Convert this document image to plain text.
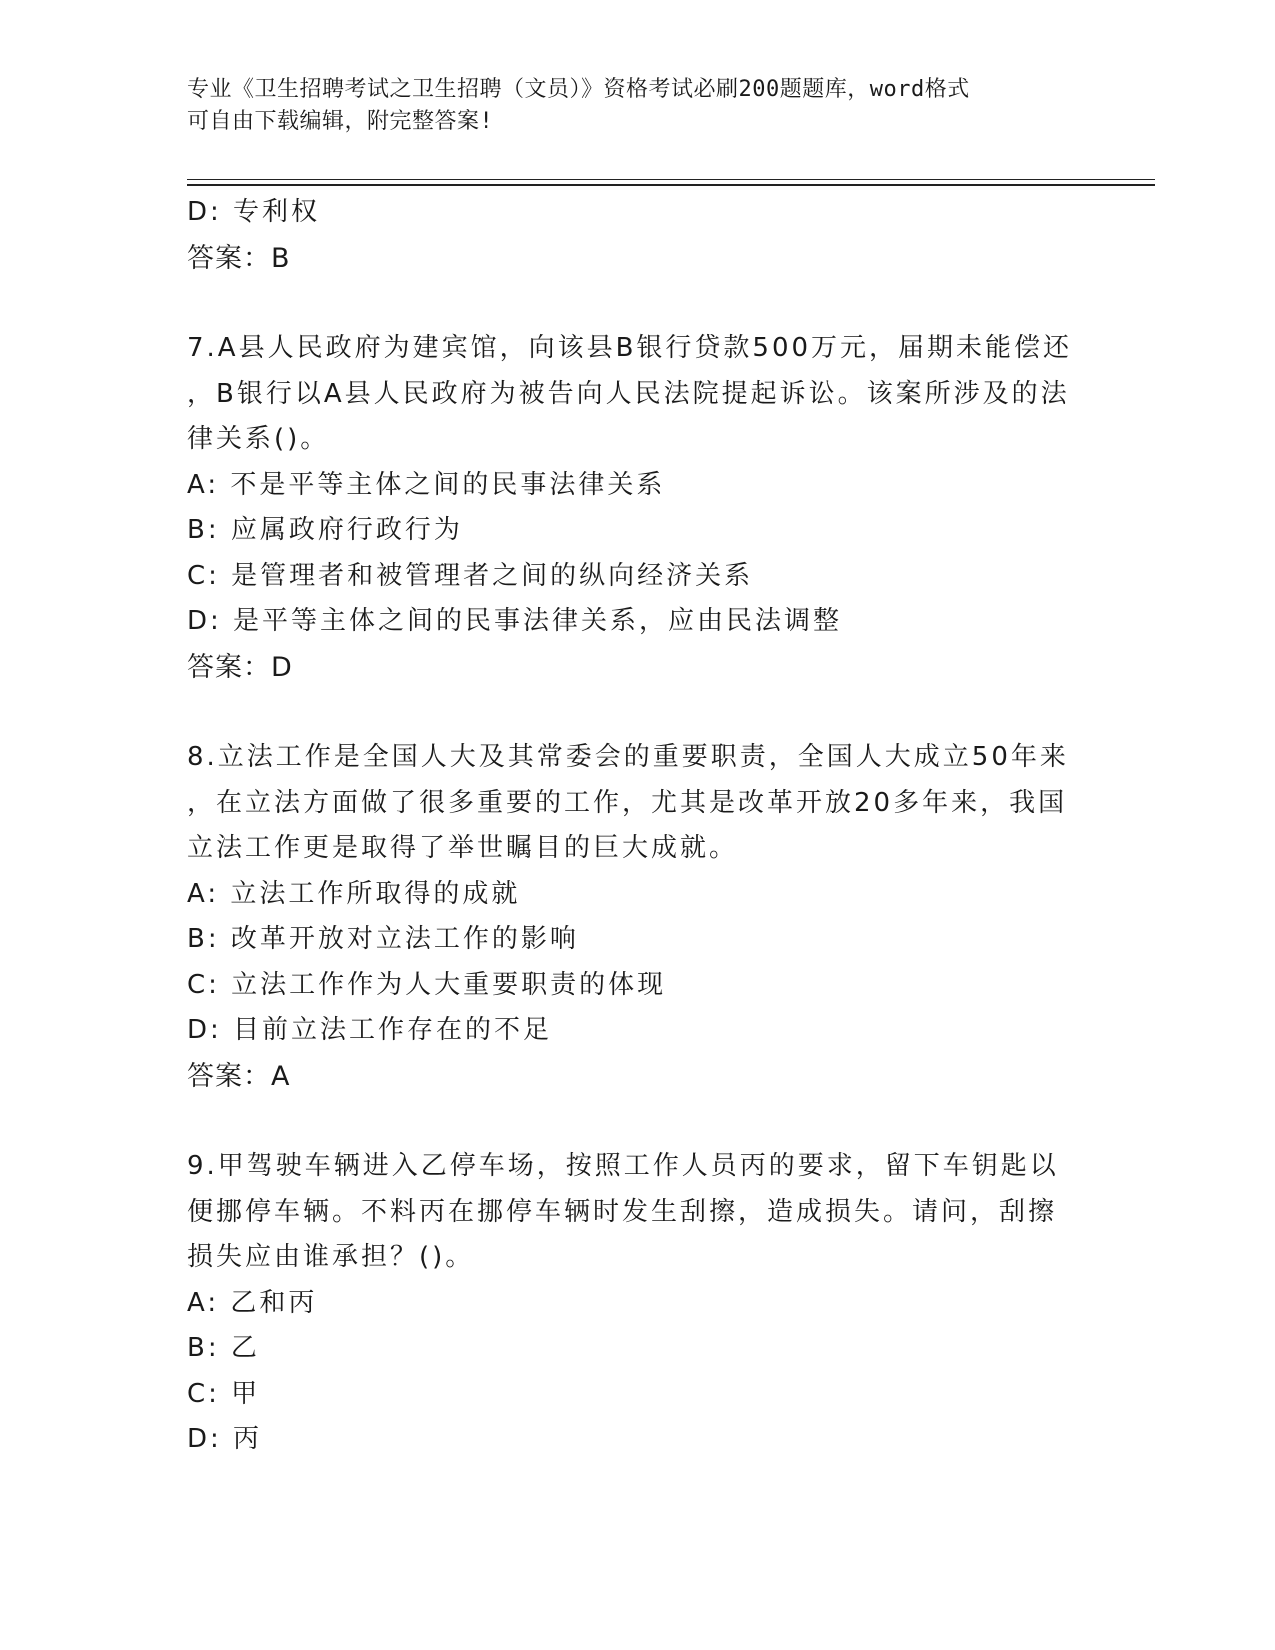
专业《卫生招聘考试之卫生招聘（文员）》资格考试必刷200题题库，word格式
可自由下载编辑，附完整答案!
D: 专利权
答案：B
7.A县人民政府为建宾馆，向该县B银行贷款500万元，届期未能偿还
，B银行以A县人民政府为被告向人民法院提起诉讼。该案所涉及的法
律关系()。
A: 不是平等主体之间的民事法律关系
B: 应属政府行政行为
C: 是管理者和被管理者之间的纵向经济关系
D: 是平等主体之间的民事法律关系，应由民法调整
答案：D
8.立法工作是全国人大及其常委会的重要职责，全国人大成立50年来
，在立法方面做了很多重要的工作，尤其是改革开放20多年来，我国
立法工作更是取得了举世瞩目的巨大成就。
A: 立法工作所取得的成就
B: 改革开放对立法工作的影响
C: 立法工作作为人大重要职责的体现
D: 目前立法工作存在的不足
答案：A
9.甲驾驶车辆进入乙停车场，按照工作人员丙的要求，留下车钥匙以
便挪停车辆。不料丙在挪停车辆时发生刮擦，造成损失。请问，刮擦
损失应由谁承担？()。
A: 乙和丙
B: 乙
C: 甲
D: 丙
